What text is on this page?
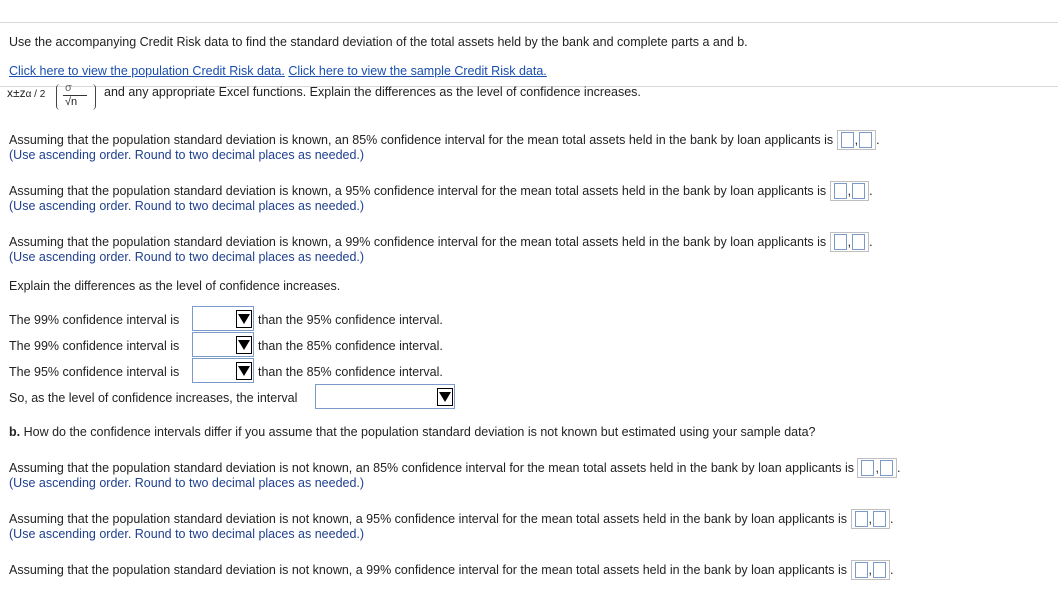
Use the accompanying Credit Risk data to find the standard deviation of the total assets held by the bank and complete parts a and b.
Click here to view the population Credit Risk data. Click here to view the sample Credit Risk data.
x±zα / 2
σ
√n
and any appropriate Excel functions. Explain the differences as the level of confidence increases.
Assuming that the population standard deviation is known, an 85% confidence interval for the mean total assets held in the bank by loan applicants is , .
(Use ascending order. Round to two decimal places as needed.)
Assuming that the population standard deviation is known, a 95% confidence interval for the mean total assets held in the bank by loan applicants is , .
(Use ascending order. Round to two decimal places as needed.)
Assuming that the population standard deviation is known, a 99% confidence interval for the mean total assets held in the bank by loan applicants is , .
(Use ascending order. Round to two decimal places as needed.)
Explain the differences as the level of confidence increases.
The 99% confidence interval is	than the 95% confidence interval.
The 99% confidence interval is	than the 85% confidence interval.
The 95% confidence interval is	than the 85% confidence interval.
So, as the level of confidence increases, the interval
b. How do the confidence intervals differ if you assume that the population standard deviation is not known but estimated using your sample data?
Assuming that the population standard deviation is not known, an 85% confidence interval for the mean total assets held in the bank by loan applicants is , .
(Use ascending order. Round to two decimal places as needed.)
Assuming that the population standard deviation is not known, a 95% confidence interval for the mean total assets held in the bank by loan applicants is , .
(Use ascending order. Round to two decimal places as needed.)
Assuming that the population standard deviation is not known, a 99% confidence interval for the mean total assets held in the bank by loan applicants is , .
